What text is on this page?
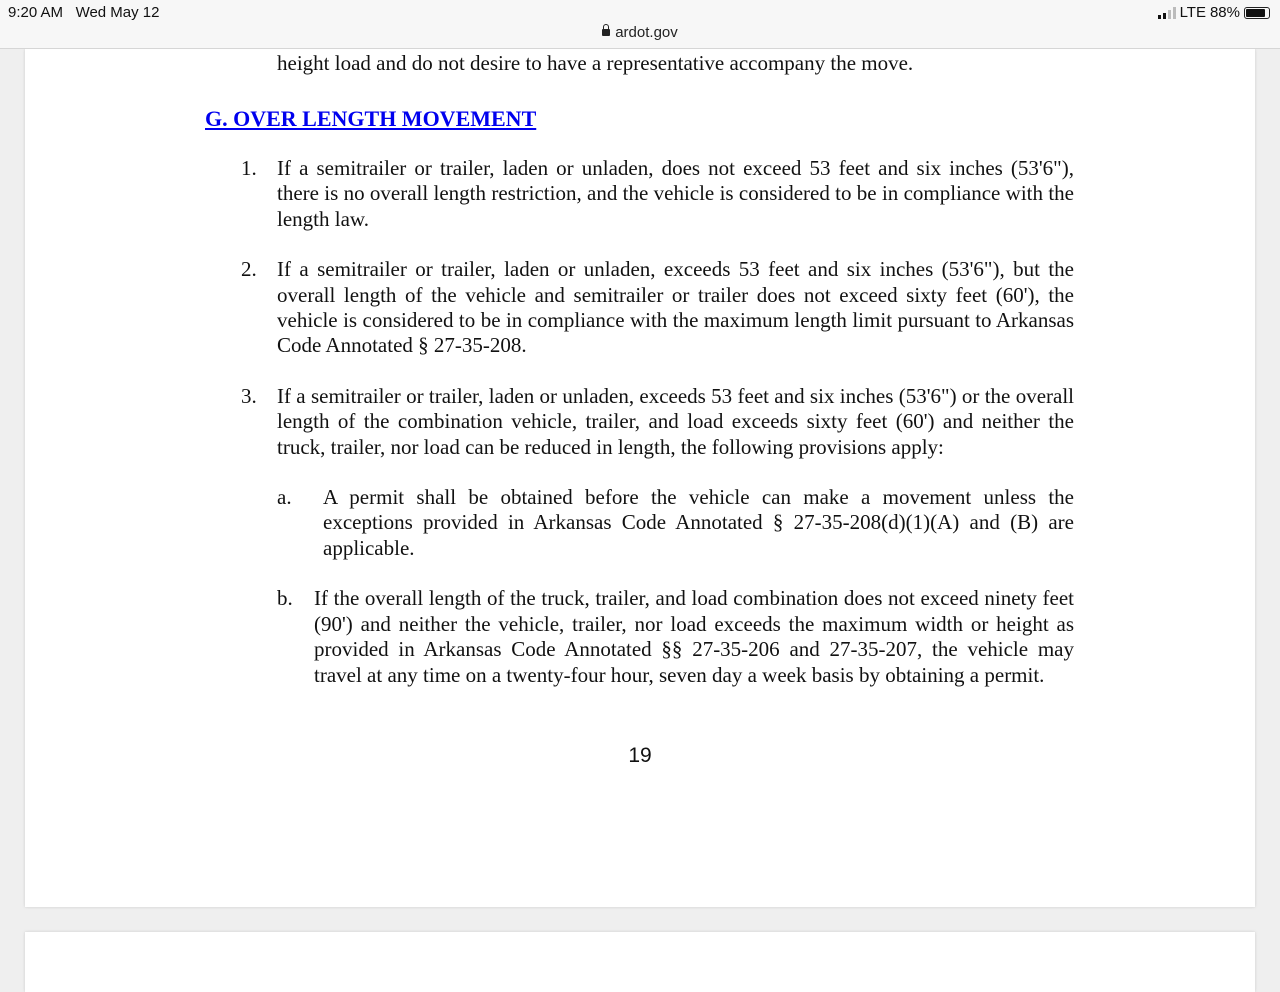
9:20 AM Wed May 12	LTE 88%
ardot.gov
height load and do not desire to have a representative accompany the move.
G. OVER LENGTH MOVEMENT
1. If a semitrailer or trailer, laden or unladen, does not exceed 53 feet and six inches (53'6"), there is no overall length restriction, and the vehicle is considered to be in compliance with the length law.
2. If a semitrailer or trailer, laden or unladen, exceeds 53 feet and six inches (53'6"), but the overall length of the vehicle and semitrailer or trailer does not exceed sixty feet (60'), the vehicle is considered to be in compliance with the maximum length limit pursuant to Arkansas Code Annotated § 27-35-208.
3. If a semitrailer or trailer, laden or unladen, exceeds 53 feet and six inches (53'6") or the overall length of the combination vehicle, trailer, and load exceeds sixty feet (60') and neither the truck, trailer, nor load can be reduced in length, the following provisions apply:
a.	A permit shall be obtained before the vehicle can make a movement unless the exceptions provided in Arkansas Code Annotated § 27-35-208(d)(1)(A) and (B) are applicable.
b.	If the overall length of the truck, trailer, and load combination does not exceed ninety feet (90') and neither the vehicle, trailer, nor load exceeds the maximum width or height as provided in Arkansas Code Annotated §§ 27-35-206 and 27-35-207, the vehicle may travel at any time on a twenty-four hour, seven day a week basis by obtaining a permit.
19
